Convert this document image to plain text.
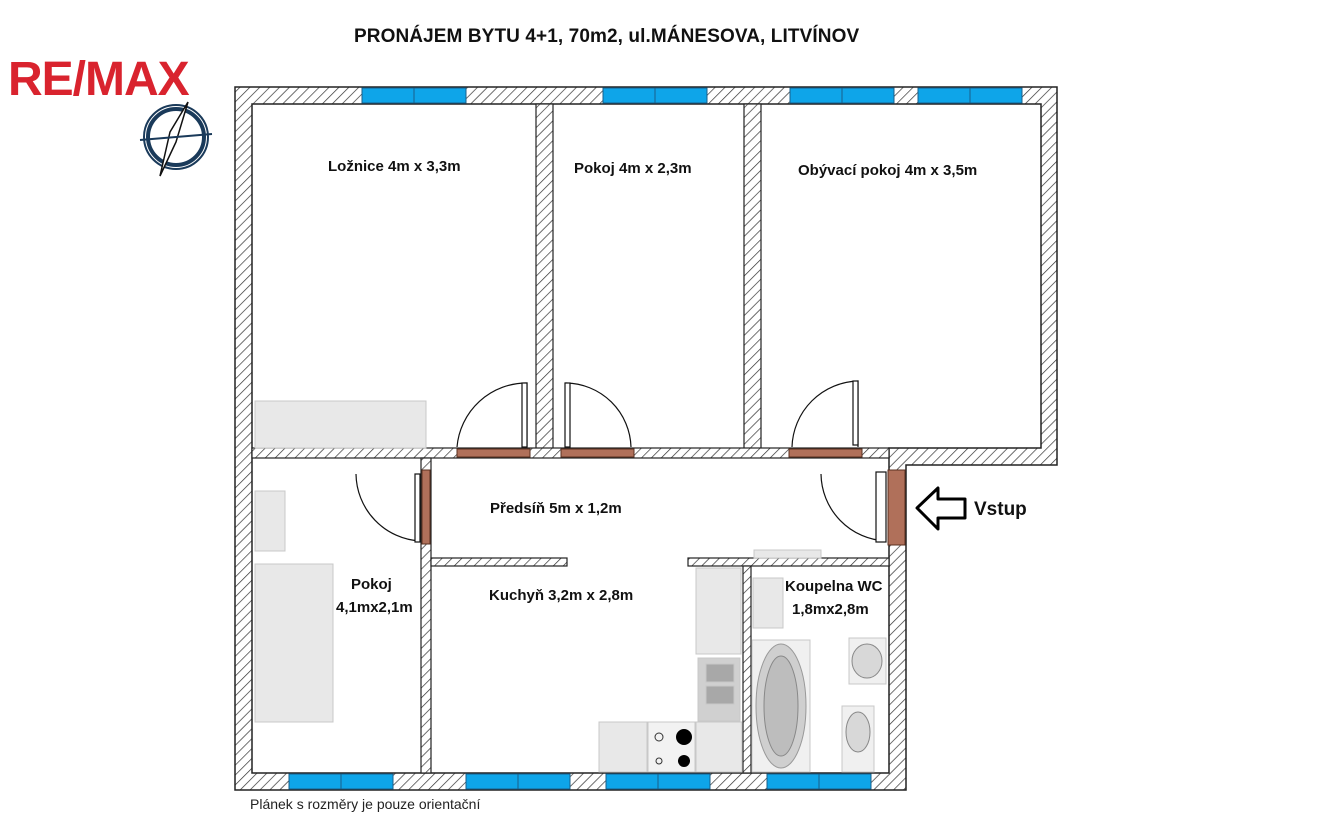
PRONÁJEM BYTU 4+1, 70m2, ul.MÁNESOVA, LITVÍNOV
RE/MAX
Ložnice 4m x 3,3m	Pokoj 4m x 2,3m	Obývací pokoj 4m x 3,5m
Předsíň 5m x 1,2m
Pokoj
4,1mx2,1m
Kuchyň 3,2m x 2,8m
Koupelna WC
1,8mx2,8m
Vstup
Plánek s rozměry je pouze orientační
